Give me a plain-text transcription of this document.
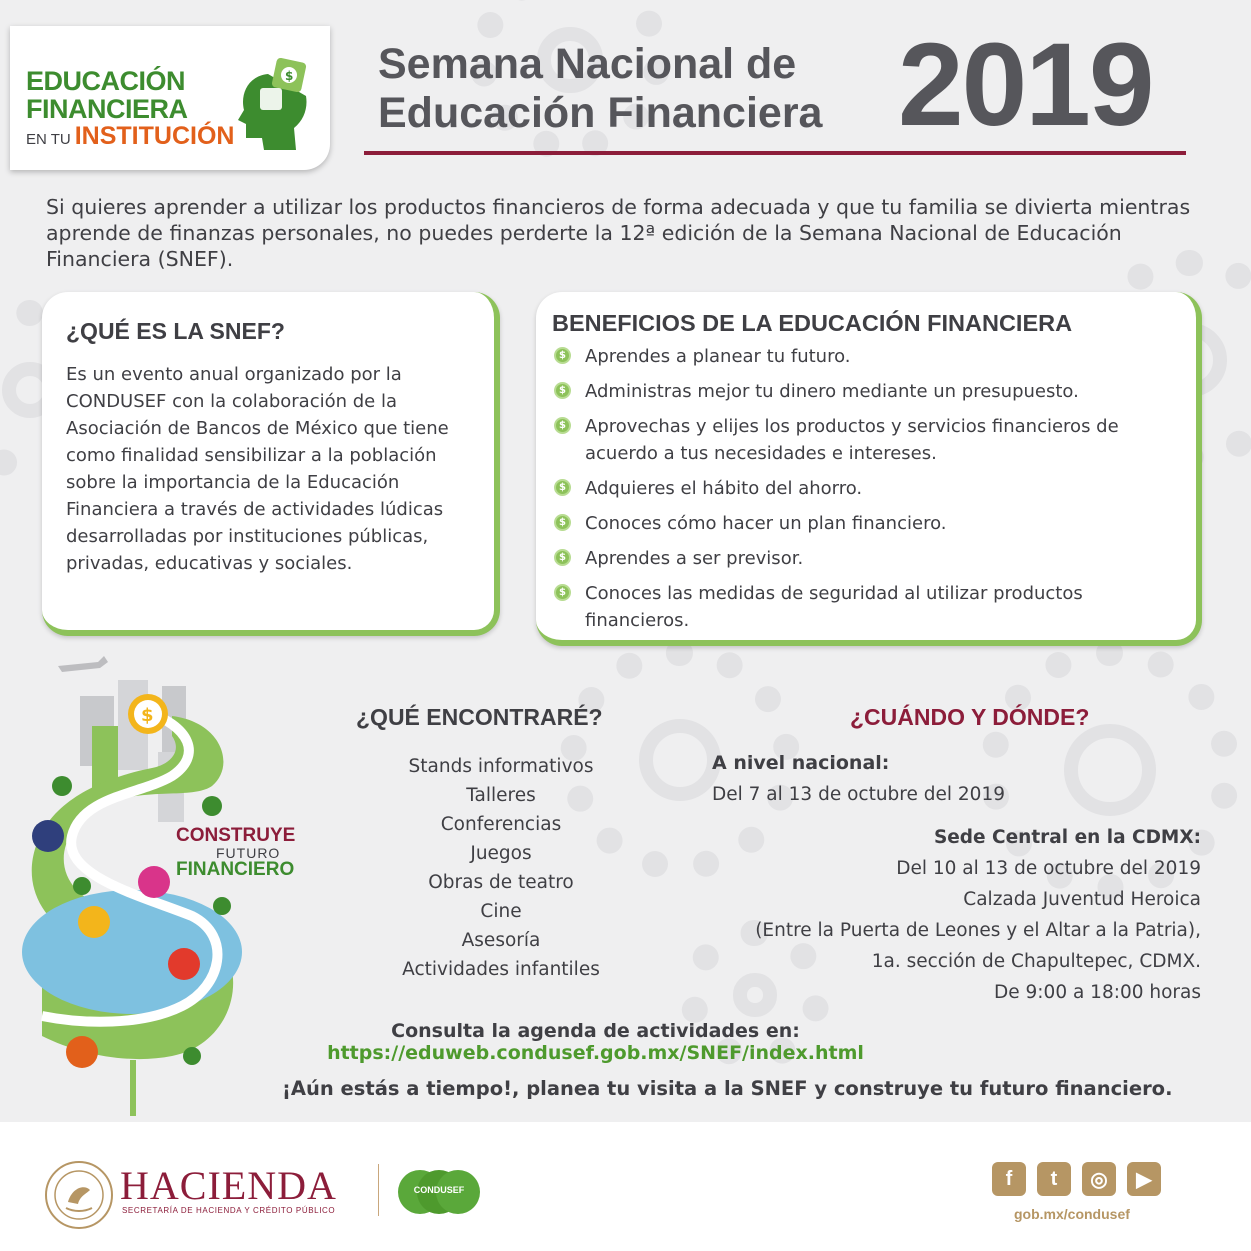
EDUCACIÓN
FINANCIERA
EN TU INSTITUCIÓN
$ Semana Nacional de
Educación Financiera 2019
Si quieres aprender a utilizar los productos financieros de forma adecuada y que tu familia se divierta mientras aprende de finanzas personales, no puedes perderte la 12ª edición de la Semana Nacional de Educación Financiera (SNEF).
¿QUÉ ES LA SNEF?

Es un evento anual organizado por la CONDUSEF con la colaboración de la Asociación de Bancos de México que tiene como finalidad sensibilizar a la población sobre la importancia de la Educación Financiera a través de actividades lúdicas desarrolladas por instituciones públicas, privadas, educativas y sociales.

BENEFICIOS DE LA EDUCACIÓN FINANCIERA
$ Aprendes a planear tu futuro.
$ Administras mejor tu dinero mediante un presupuesto.
$ Aprovechas y elijes los productos y servicios financieros de acuerdo a tus necesidades e intereses.
$ Adquieres el hábito del ahorro.
$ Conoces cómo hacer un plan financiero.
$ Aprendes a ser previsor.
$ Conoces las medidas de seguridad al utilizar productos financieros.
$
CONSTRUYE
FUTURO
FINANCIERO
¿QUÉ ENCONTRARÉ?
Stands informativos
Talleres
Conferencias
Juegos
Obras de teatro
Cine
Asesoría
Actividades infantiles
¿CUÁNDO Y DÓNDE?
A nivel nacional:
Del 7 al 13 de octubre del 2019
Sede Central en la CDMX:
Del 10 al 13 de octubre del 2019
Calzada Juventud Heroica
(Entre la Puerta de Leones y el Altar a la Patria),
1a. sección de Chapultepec, CDMX.
De 9:00 a 18:00 horas
Consulta la agenda de actividades en:
https://eduweb.condusef.gob.mx/SNEF/index.html
¡Aún estás a tiempo!, planea tu visita a la SNEF y construye tu futuro financiero.
HACIENDA
SECRETARÍA DE HACIENDA Y CRÉDITO PÚBLICO
CONDUSEF
f	t	◎	▶
gob.mx/condusef
